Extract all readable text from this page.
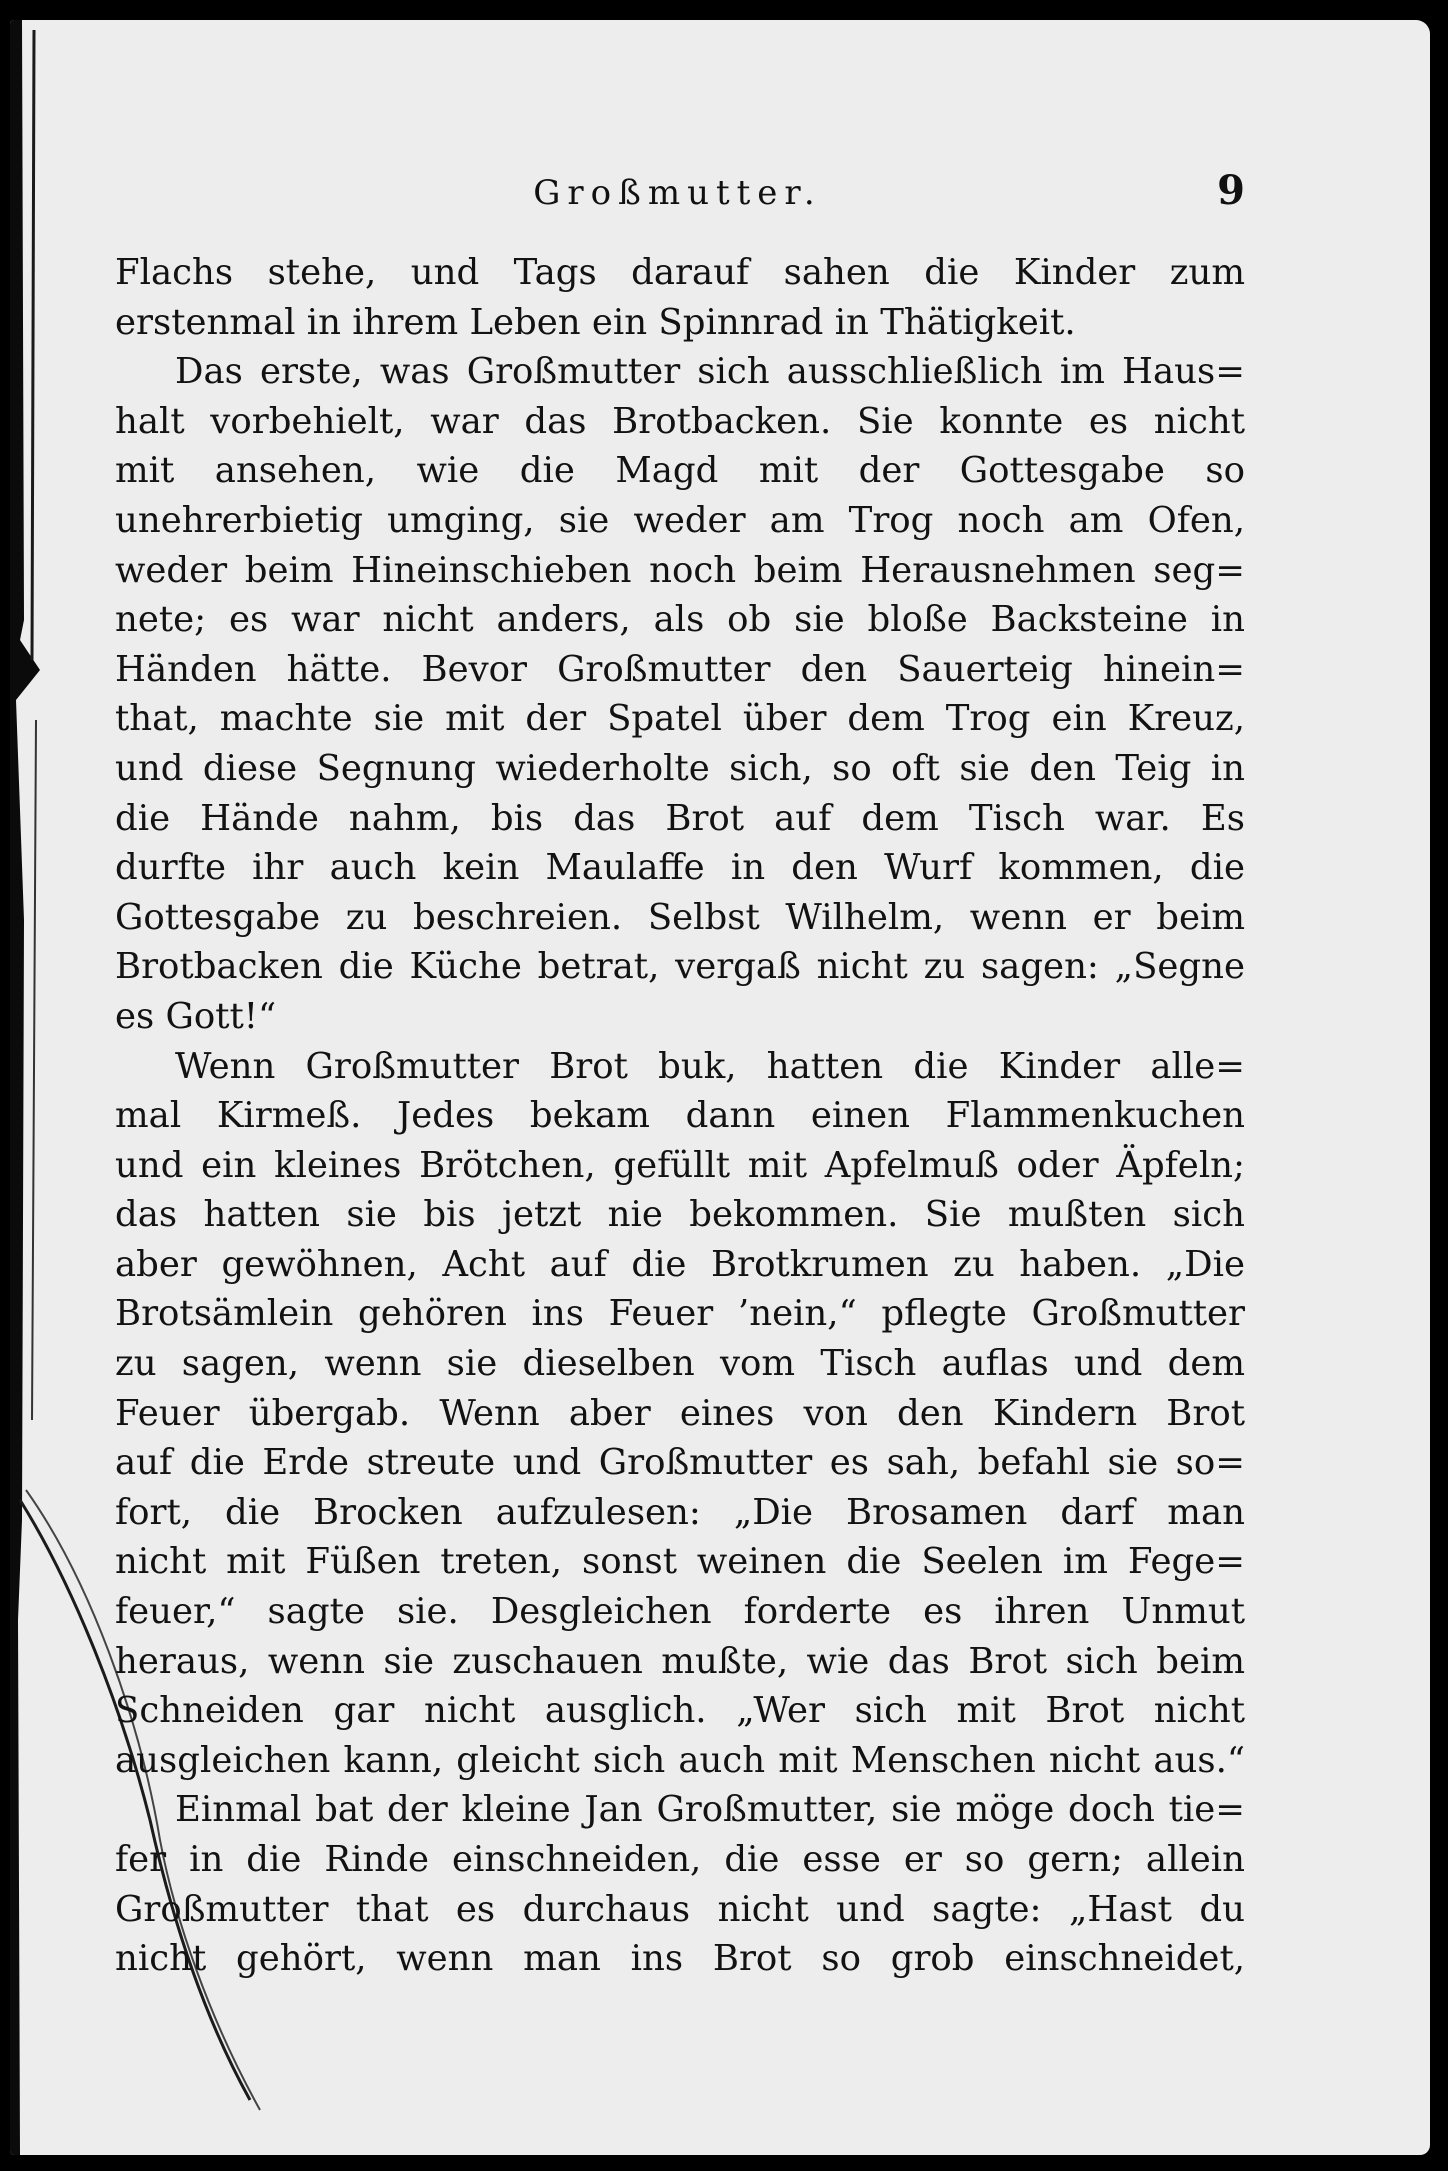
Großmutter.	9
Flachs stehe, und Tags darauf sahen die Kinder zum
erstenmal in ihrem Leben ein Spinnrad in Thätigkeit.
Das erste, was Großmutter sich ausschließlich im Haus=
halt vorbehielt, war das Brotbacken. Sie konnte es nicht
mit ansehen, wie die Magd mit der Gottesgabe so
unehrerbietig umging, sie weder am Trog noch am Ofen,
weder beim Hineinschieben noch beim Herausnehmen seg=
nete; es war nicht anders, als ob sie bloße Backsteine in
Händen hätte. Bevor Großmutter den Sauerteig hinein=
that, machte sie mit der Spatel über dem Trog ein Kreuz,
und diese Segnung wiederholte sich, so oft sie den Teig in
die Hände nahm, bis das Brot auf dem Tisch war. Es
durfte ihr auch kein Maulaffe in den Wurf kommen, die
Gottesgabe zu beschreien. Selbst Wilhelm, wenn er beim
Brotbacken die Küche betrat, vergaß nicht zu sagen: „Segne
es Gott!“
Wenn Großmutter Brot buk, hatten die Kinder alle=
mal Kirmeß. Jedes bekam dann einen Flammenkuchen
und ein kleines Brötchen, gefüllt mit Apfelmuß oder Äpfeln;
das hatten sie bis jetzt nie bekommen. Sie mußten sich
aber gewöhnen, Acht auf die Brotkrumen zu haben. „Die
Brotsämlein gehören ins Feuer ’nein,“ pflegte Großmutter
zu sagen, wenn sie dieselben vom Tisch auflas und dem
Feuer übergab. Wenn aber eines von den Kindern Brot
auf die Erde streute und Großmutter es sah, befahl sie so=
fort, die Brocken aufzulesen: „Die Brosamen darf man
nicht mit Füßen treten, sonst weinen die Seelen im Fege=
feuer,“ sagte sie. Desgleichen forderte es ihren Unmut
heraus, wenn sie zuschauen mußte, wie das Brot sich beim
Schneiden gar nicht ausglich. „Wer sich mit Brot nicht
ausgleichen kann, gleicht sich auch mit Menschen nicht aus.“
Einmal bat der kleine Jan Großmutter, sie möge doch tie=
fer in die Rinde einschneiden, die esse er so gern; allein
Großmutter that es durchaus nicht und sagte: „Hast du
nicht gehört, wenn man ins Brot so grob einschneidet,
